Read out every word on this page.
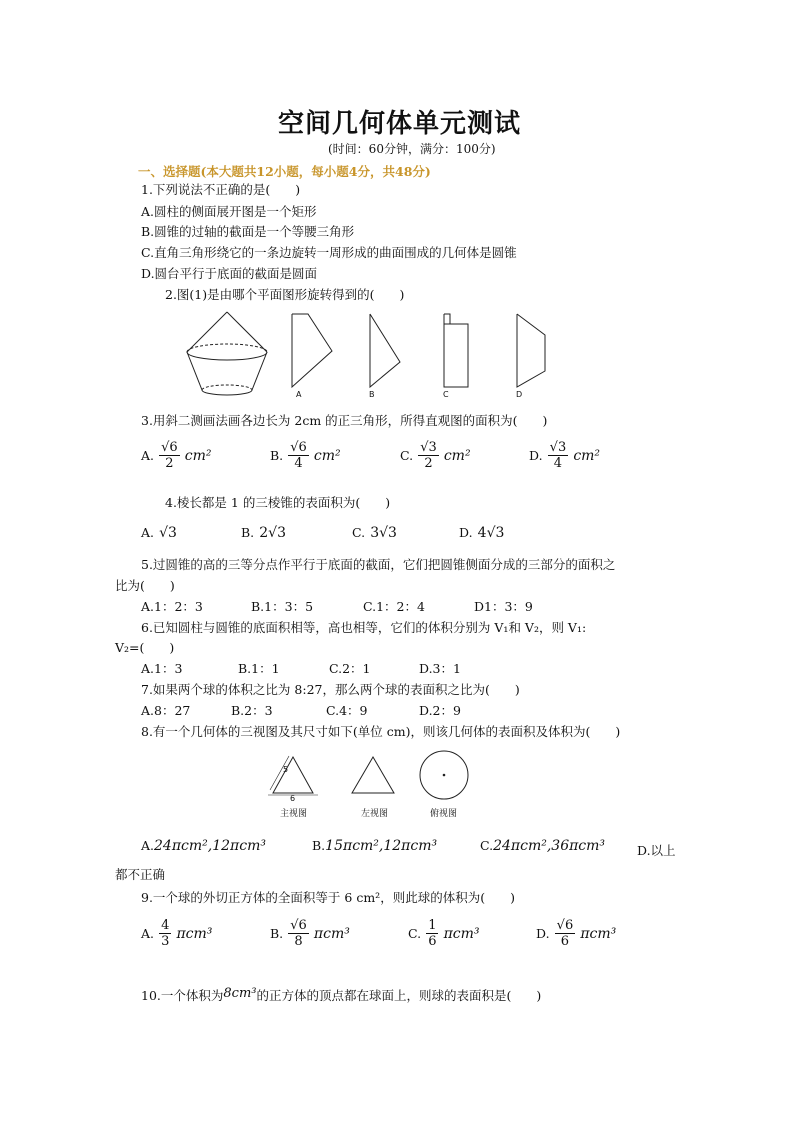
空间几何体单元测试
(时间：60分钟，满分：100分)
一、选择题(本大题共12小题，每小题4分，共48分)
1.下列说法不正确的是(　　)
A.圆柱的侧面展开图是一个矩形
B.圆锥的过轴的截面是一个等腰三角形
C.直角三角形绕它的一条边旋转一周形成的曲面围成的几何体是圆锥
D.圆台平行于底面的截面是圆面
2.图(1)是由哪个平面图形旋转得到的(　　)
A	B	C	D
3.用斜二测画法画各边长为 2cm 的正三角形，所得直观图的面积为(　　)
A. $\frac{√6}{2} cm^2$	B. $\frac{√6}{4} cm^2$	C. $\frac{√3}{2} cm^2$	D. $\frac{√3}{4} cm^2$
4.棱长都是 1 的三棱锥的表面积为(　　)
A. √3	B. 2√3	C. 3√3	D. 4√3
5.过圆锥的高的三等分点作平行于底面的截面，它们把圆锥侧面分成的三部分的面积之
比为(　　)
A.1：2：3	B.1：3：5	C.1：2：4	D1：3：9
6.已知圆柱与圆锥的底面积相等，高也相等，它们的体积分别为 V₁和 V₂，则 V₁:
V₂=(　　)
A.1：3	B.1：1	C.2：1	D.3：1
7.如果两个球的体积之比为 8:27，那么两个球的表面积之比为(　　)
A.8：27	B.2：3	C.4：9	D.2：9
8.有一个几何体的三视图及其尺寸如下(单位 cm)，则该几何体的表面积及体积为(　　)
5
6
主视图	左视图	俯视图
A.24πcm²,12πcm³	B.15πcm²,12πcm³	C.24πcm²,36πcm³	D.以上
都不正确
9.一个球的外切正方体的全面积等于 6 cm²，则此球的体积为(　　)
A. $\frac{4}{3} \pi cm^3$	B. $\frac{√6}{8} \pi cm^3$	C. $\frac{1}{6} \pi cm^3$	D. $\frac{√6}{6} \pi cm^3$
10.一个体积为8cm³的正方体的顶点都在球面上，则球的表面积是(　　)
